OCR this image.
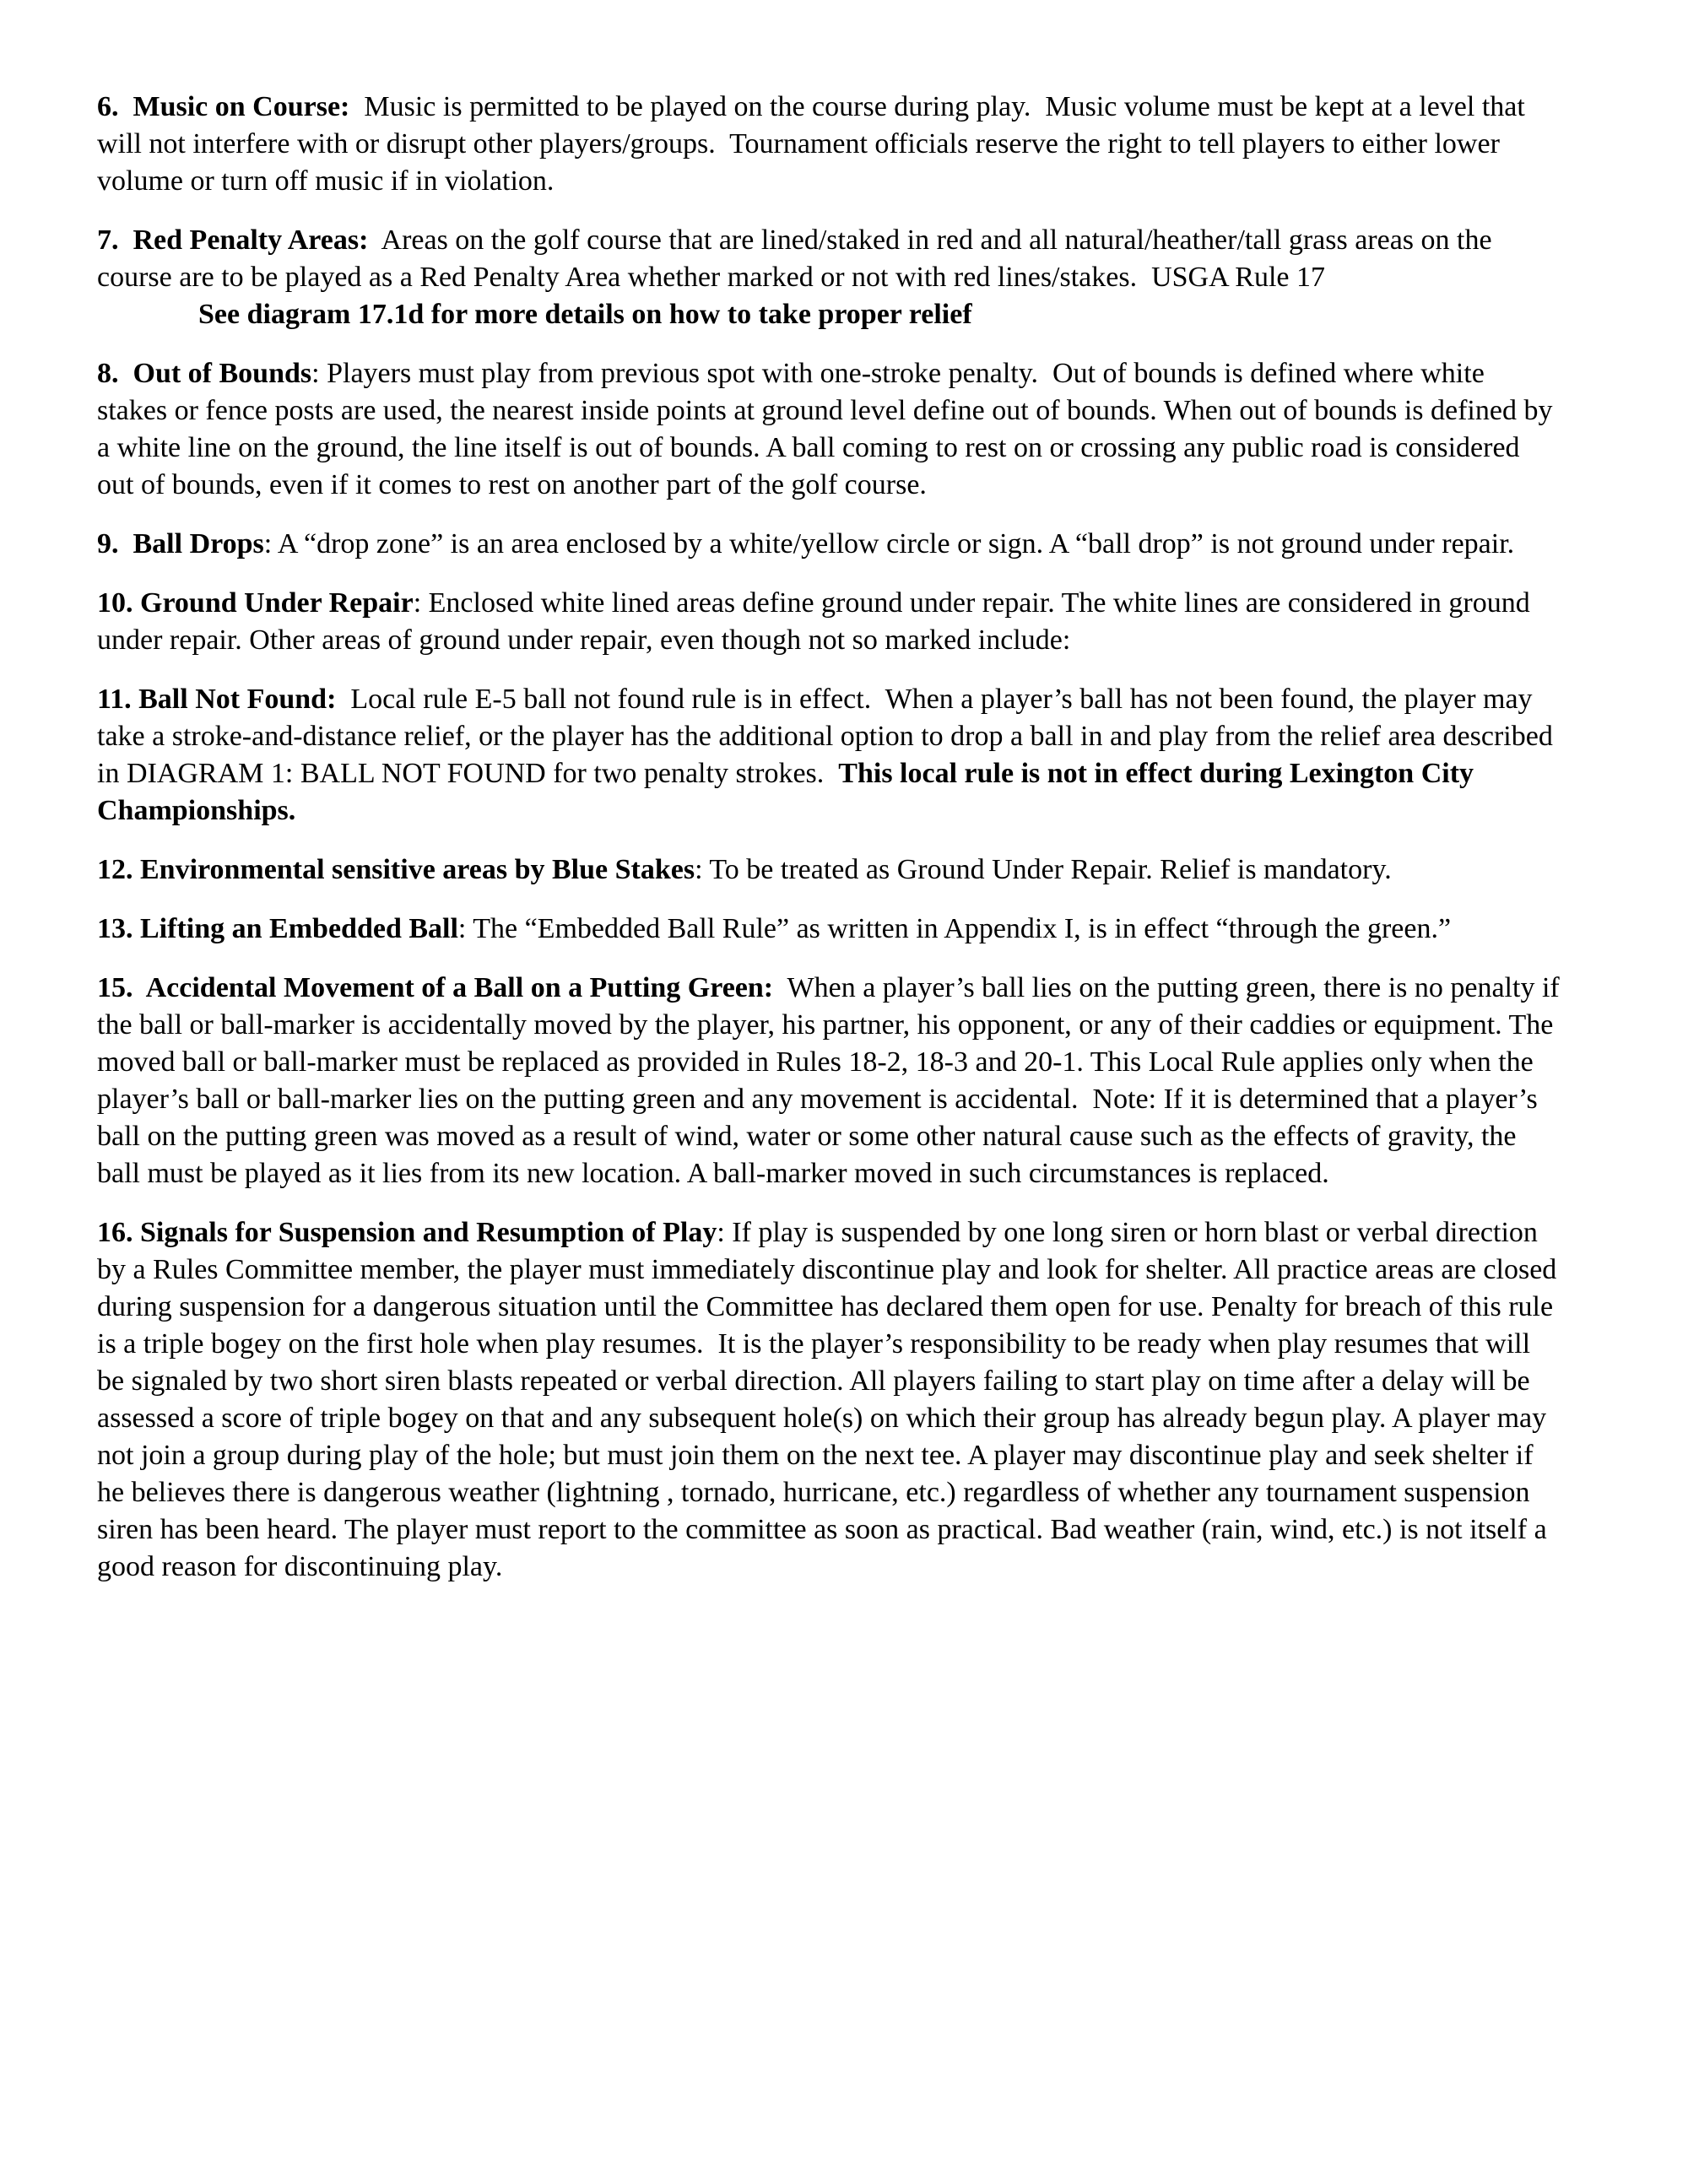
6.  Music on Course:  Music is permitted to be played on the course during play.  Music volume must be kept at a level that will not interfere with or disrupt other players/groups.  Tournament officials reserve the right to tell players to either lower volume or turn off music if in violation.

7.  Red Penalty Areas:  Areas on the golf course that are lined/staked in red and all natural/heather/tall grass areas on the course are to be played as a Red Penalty Area whether marked or not with red lines/stakes.  USGA Rule 17

See diagram 17.1d for more details on how to take proper relief

8.  Out of Bounds: Players must play from previous spot with one-stroke penalty.  Out of bounds is defined where white stakes or fence posts are used, the nearest inside points at ground level define out of bounds. When out of bounds is defined by a white line on the ground, the line itself is out of bounds. A ball coming to rest on or crossing any public road is considered out of bounds, even if it comes to rest on another part of the golf course.

9.  Ball Drops: A “drop zone” is an area enclosed by a white/yellow circle or sign. A “ball drop” is not ground under repair.

10. Ground Under Repair: Enclosed white lined areas define ground under repair. The white lines are considered in ground under repair. Other areas of ground under repair, even though not so marked include:

11. Ball Not Found:  Local rule E-5 ball not found rule is in effect.  When a player’s ball has not been found, the player may take a stroke-and-distance relief, or the player has the additional option to drop a ball in and play from the relief area described in DIAGRAM 1: BALL NOT FOUND for two penalty strokes.  This local rule is not in effect during Lexington City Championships.

12. Environmental sensitive areas by Blue Stakes: To be treated as Ground Under Repair. Relief is mandatory.

13. Lifting an Embedded Ball: The “Embedded Ball Rule” as written in Appendix I, is in effect “through the green.”

15.  Accidental Movement of a Ball on a Putting Green:  When a player’s ball lies on the putting green, there is no penalty if the ball or ball-marker is accidentally moved by the player, his partner, his opponent, or any of their caddies or equipment. The moved ball or ball-marker must be replaced as provided in Rules 18-2, 18-3 and 20-1. This Local Rule applies only when the player’s ball or ball-marker lies on the putting green and any movement is accidental.  Note: If it is determined that a player’s ball on the putting green was moved as a result of wind, water or some other natural cause such as the effects of gravity, the ball must be played as it lies from its new location. A ball-marker moved in such circumstances is replaced.

16. Signals for Suspension and Resumption of Play: If play is suspended by one long siren or horn blast or verbal direction by a Rules Committee member, the player must immediately discontinue play and look for shelter. All practice areas are closed during suspension for a dangerous situation until the Committee has declared them open for use. Penalty for breach of this rule is a triple bogey on the first hole when play resumes.  It is the player’s responsibility to be ready when play resumes that will be signaled by two short siren blasts repeated or verbal direction. All players failing to start play on time after a delay will be assessed a score of triple bogey on that and any subsequent hole(s) on which their group has already begun play. A player may not join a group during play of the hole; but must join them on the next tee. A player may discontinue play and seek shelter if he believes there is dangerous weather (lightning , tornado, hurricane, etc.) regardless of whether any tournament suspension siren has been heard. The player must report to the committee as soon as practical. Bad weather (rain, wind, etc.) is not itself a good reason for discontinuing play.
